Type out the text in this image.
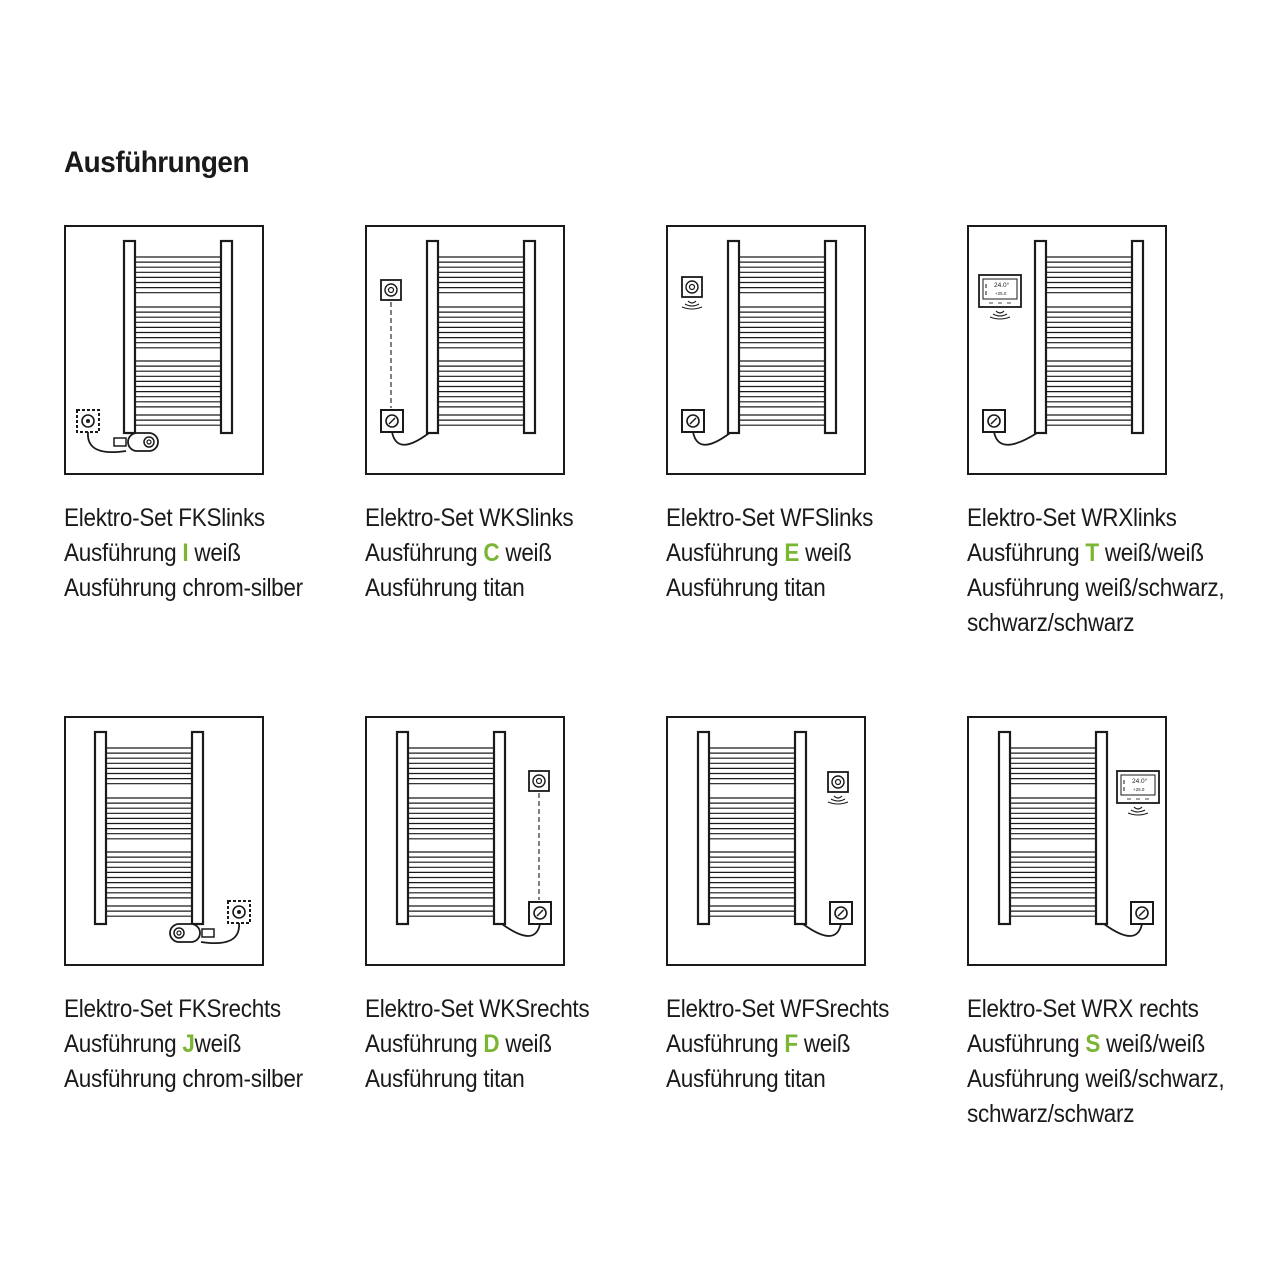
Ausführungen
Elektro-Set FKSlinks
Ausführung I weiß
Ausführung chrom-silber
Elektro-Set WKSlinks
Ausführung C weiß
Ausführung titan
Elektro-Set WFSlinks
Ausführung E weiß
Ausführung titan
24.0°
+25.0
Elektro-Set WRXlinks
Ausführung T weiß/weiß
Ausführung weiß/schwarz,
schwarz/schwarz
Elektro-Set FKSrechts
Ausführung Jweiß
Ausführung chrom-silber
Elektro-Set WKSrechts
Ausführung D weiß
Ausführung titan
Elektro-Set WFSrechts
Ausführung F weiß
Ausführung titan
24.0°
+25.0
Elektro-Set WRX rechts
Ausführung S weiß/weiß
Ausführung weiß/schwarz,
schwarz/schwarz
